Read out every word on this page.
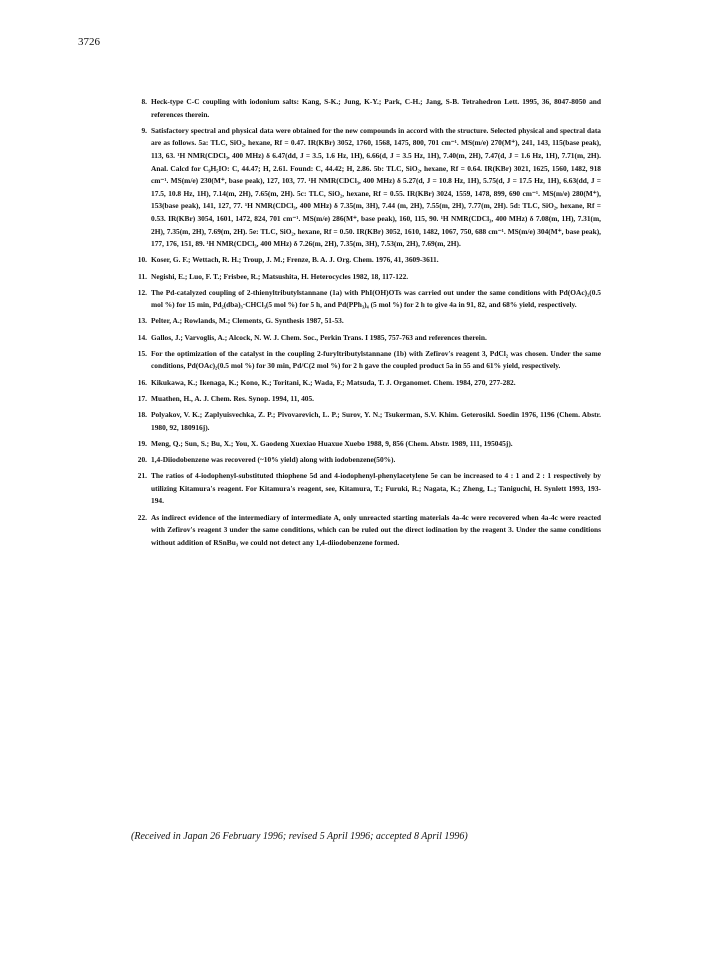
3726
8. Heck-type C-C coupling with iodonium salts: Kang, S-K.; Jung, K-Y.; Park, C-H.; Jang, S-B. Tetrahedron Lett. 1995, 36, 8047-8050 and references therein.

9. Satisfactory spectral and physical data were obtained for the new compounds in accord with the structure. Selected physical and spectral data are as follows. 5a: TLC, SiO₂, hexane, Rf = 0.47. IR(KBr) 3052, 1760, 1568, 1475, 800, 701 cm⁻¹. MS(m/e) 270(M⁺), 241, 143, 115(base peak), 113, 63. ¹H NMR(CDCl₃, 400 MHz) δ 6.47(dd, J = 3.5, 1.6 Hz, 1H), 6.66(d, J = 3.5 Hz, 1H), 7.40(m, 2H), 7.47(d, J = 1.6 Hz, 1H), 7.71(m, 2H). Anal. Calcd for C₉H₅IO: C, 44.47; H, 2.61. Found: C, 44.42; H, 2.86. 5b: TLC, SiO₂, hexane, Rf = 0.64. IR(KBr) 3021, 1625, 1560, 1482, 918 cm⁻¹. MS(m/e) 230(M⁺, base peak), 127, 103, 77. ¹H NMR(CDCl₃, 400 MHz) δ 5.27(d, J = 10.8 Hz, 1H), 5.75(d, J = 17.5 Hz, 1H), 6.63(dd, J = 17.5, 10.8 Hz, 1H), 7.14(m, 2H), 7.65(m, 2H). 5c: TLC, SiO₂, hexane, Rf = 0.55. IR(KBr) 3024, 1559, 1478, 899, 690 cm⁻¹. MS(m/e) 280(M⁺), 153(base peak), 141, 127, 77. ¹H NMR(CDCl₃, 400 MHz) δ 7.35(m, 3H), 7.44 (m, 2H), 7.55(m, 2H), 7.77(m, 2H). 5d: TLC, SiO₂, hexane, Rf = 0.53. IR(KBr) 3054, 1601, 1472, 824, 701 cm⁻¹. MS(m/e) 286(M⁺, base peak), 160, 115, 90. ¹H NMR(CDCl₃, 400 MHz) δ 7.08(m, 1H), 7.31(m, 2H), 7.35(m, 2H), 7.69(m, 2H). 5e: TLC, SiO₂, hexane, Rf = 0.50. IR(KBr) 3052, 1610, 1482, 1067, 750, 688 cm⁻¹. MS(m/e) 304(M⁺, base peak), 177, 176, 151, 89. ¹H NMR(CDCl₃, 400 MHz) δ 7.26(m, 2H), 7.35(m, 3H), 7.53(m, 2H), 7.69(m, 2H).

10. Koser, G. F.; Wettach, R. H.; Troup, J. M.; Frenze, B. A. J. Org. Chem. 1976, 41, 3609-3611.

11. Negishi, E.; Luo, F. T.; Frisbee, R.; Matsushita, H. Heterocycles 1982, 18, 117-122.

12. The Pd-catalyzed coupling of 2-thienyltributylstannane (1a) with PhI(OH)OTs was carried out under the same conditions with Pd(OAc)₂(0.5 mol %) for 15 min, Pd₂(dba)₃·CHCl₃(5 mol %) for 5 h, and Pd(PPh₃)₄ (5 mol %) for 2 h to give 4a in 91, 82, and 68% yield, respectively.

13. Pelter, A.; Rowlands, M.; Clements, G. Synthesis 1987, 51-53.

14. Gallos, J.; Varvoglis, A.; Alcock, N. W. J. Chem. Soc., Perkin Trans. I 1985, 757-763 and references therein.

15. For the optimization of the catalyst in the coupling 2-furyltributylstannane (1b) with Zefirov's reagent 3, PdCl₂ was chosen. Under the same conditions, Pd(OAc)₂(0.5 mol %) for 30 min, Pd/C(2 mol %) for 2 h gave the coupled product 5a in 55 and 61% yield, respectively.

16. Kikukawa, K.; Ikenaga, K.; Kono, K.; Toritani, K.; Wada, F.; Matsuda, T. J. Organomet. Chem. 1984, 270, 277-282.

17. Muathen, H., A. J. Chem. Res. Synop. 1994, 11, 405.

18. Polyakov, V. K.; Zaplyuisvechka, Z. P.; Pivovarevich, L. P.; Surov, Y. N.; Tsukerman, S.V. Khim. Geterosikl. Soedin 1976, 1196 (Chem. Abstr. 1980, 92, 180916j).

19. Meng, Q.; Sun, S.; Bu, X.; You, X. Gaodeng Xuexiao Huaxue Xuebo 1988, 9, 856 (Chem. Abstr. 1989, 111, 195045j).

20. 1,4-Diiodobenzene was recovered (~10% yield) along with iodobenzene(50%).

21. The ratios of 4-iodophenyl-substituted thiophene 5d and 4-iodophenyl-phenylacetylene 5e can be increased to 4 : 1 and 2 : 1 respectively by utilizing Kitamura's reagent. For Kitamura's reagent, see, Kitamura, T.; Furuki, R.; Nagata, K.; Zheng, L.; Taniguchi, H. Synlett 1993, 193-194.

22. As indirect evidence of the intermediary of intermediate A, only unreacted starting materials 4a-4c were recovered when 4a-4c were reacted with Zefirov's reagent 3 under the same conditions, which can be ruled out the direct iodination by the reagent 3. Under the same conditions without addition of RSnBu₃ we could not detect any 1,4-diiodobenzene formed.

(Received in Japan 26 February 1996; revised 5 April 1996; accepted 8 April 1996)
